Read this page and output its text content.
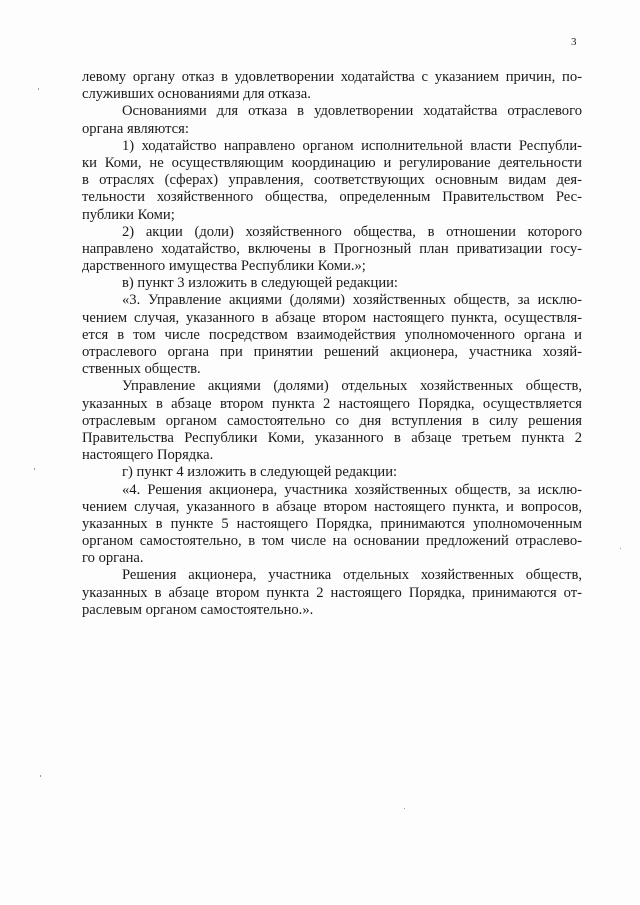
3
левому органу отказ в удовлетворении ходатайства с указанием причин, по-
служивших основаниями для отказа.
Основаниями для отказа в удовлетворении ходатайства отраслевого
органа являются:
1) ходатайство направлено органом исполнительной власти Республи-
ки Коми, не осуществляющим координацию и регулирование деятельности
в отраслях (сферах) управления, соответствующих основным видам дея-
тельности хозяйственного общества, определенным Правительством Рес-
публики Коми;
2) акции (доли) хозяйственного общества, в отношении которого
направлено ходатайство, включены в Прогнозный план приватизации госу-
дарственного имущества Республики Коми.»;
в) пункт 3 изложить в следующей редакции:
«3. Управление акциями (долями) хозяйственных обществ, за исклю-
чением случая, указанного в абзаце втором настоящего пункта, осуществля-
ется в том числе посредством взаимодействия уполномоченного органа и
отраслевого органа при принятии решений акционера, участника хозяй-
ственных обществ.
Управление акциями (долями) отдельных хозяйственных обществ,
указанных в абзаце втором пункта 2 настоящего Порядка, осуществляется
отраслевым органом самостоятельно со дня вступления в силу решения
Правительства Республики Коми, указанного в абзаце третьем пункта 2
настоящего Порядка.
г) пункт 4 изложить в следующей редакции:
«4. Решения акционера, участника хозяйственных обществ, за исклю-
чением случая, указанного в абзаце втором настоящего пункта, и вопросов,
указанных в пункте 5 настоящего Порядка, принимаются уполномоченным
органом самостоятельно, в том числе на основании предложений отраслево-
го органа.
Решения акционера, участника отдельных хозяйственных обществ,
указанных в абзаце втором пункта 2 настоящего Порядка, принимаются от-
раслевым органом самостоятельно.».
